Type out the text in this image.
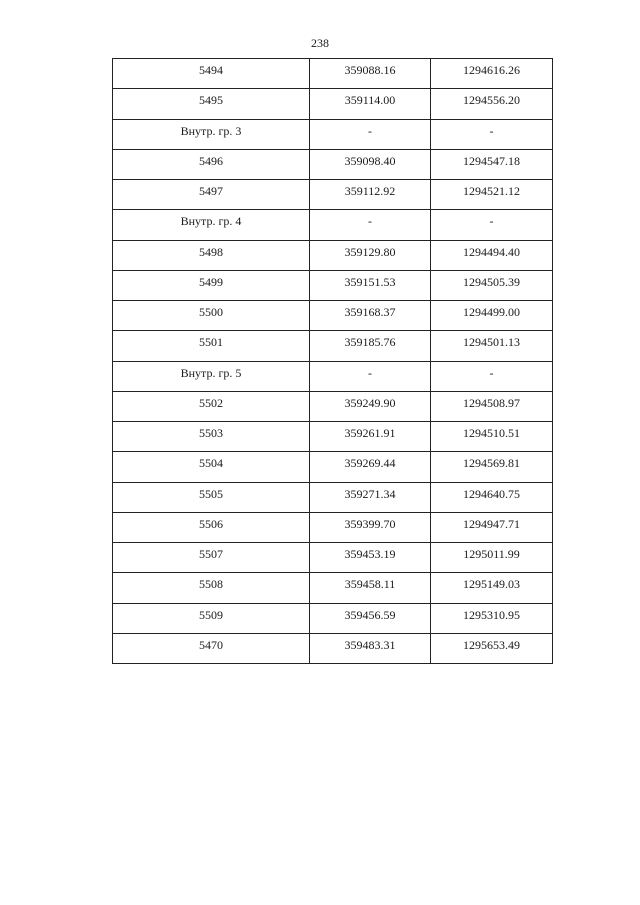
238
5494	359088.16	1294616.26

5495	359114.00	1294556.20

Внутр. гр. 3	-	-

5496	359098.40	1294547.18

5497	359112.92	1294521.12

Внутр. гр. 4	-	-

5498	359129.80	1294494.40

5499	359151.53	1294505.39

5500	359168.37	1294499.00

5501	359185.76	1294501.13

Внутр. гр. 5	-	-

5502	359249.90	1294508.97

5503	359261.91	1294510.51

5504	359269.44	1294569.81

5505	359271.34	1294640.75

5506	359399.70	1294947.71

5507	359453.19	1295011.99

5508	359458.11	1295149.03

5509	359456.59	1295310.95

5470	359483.31	1295653.49
